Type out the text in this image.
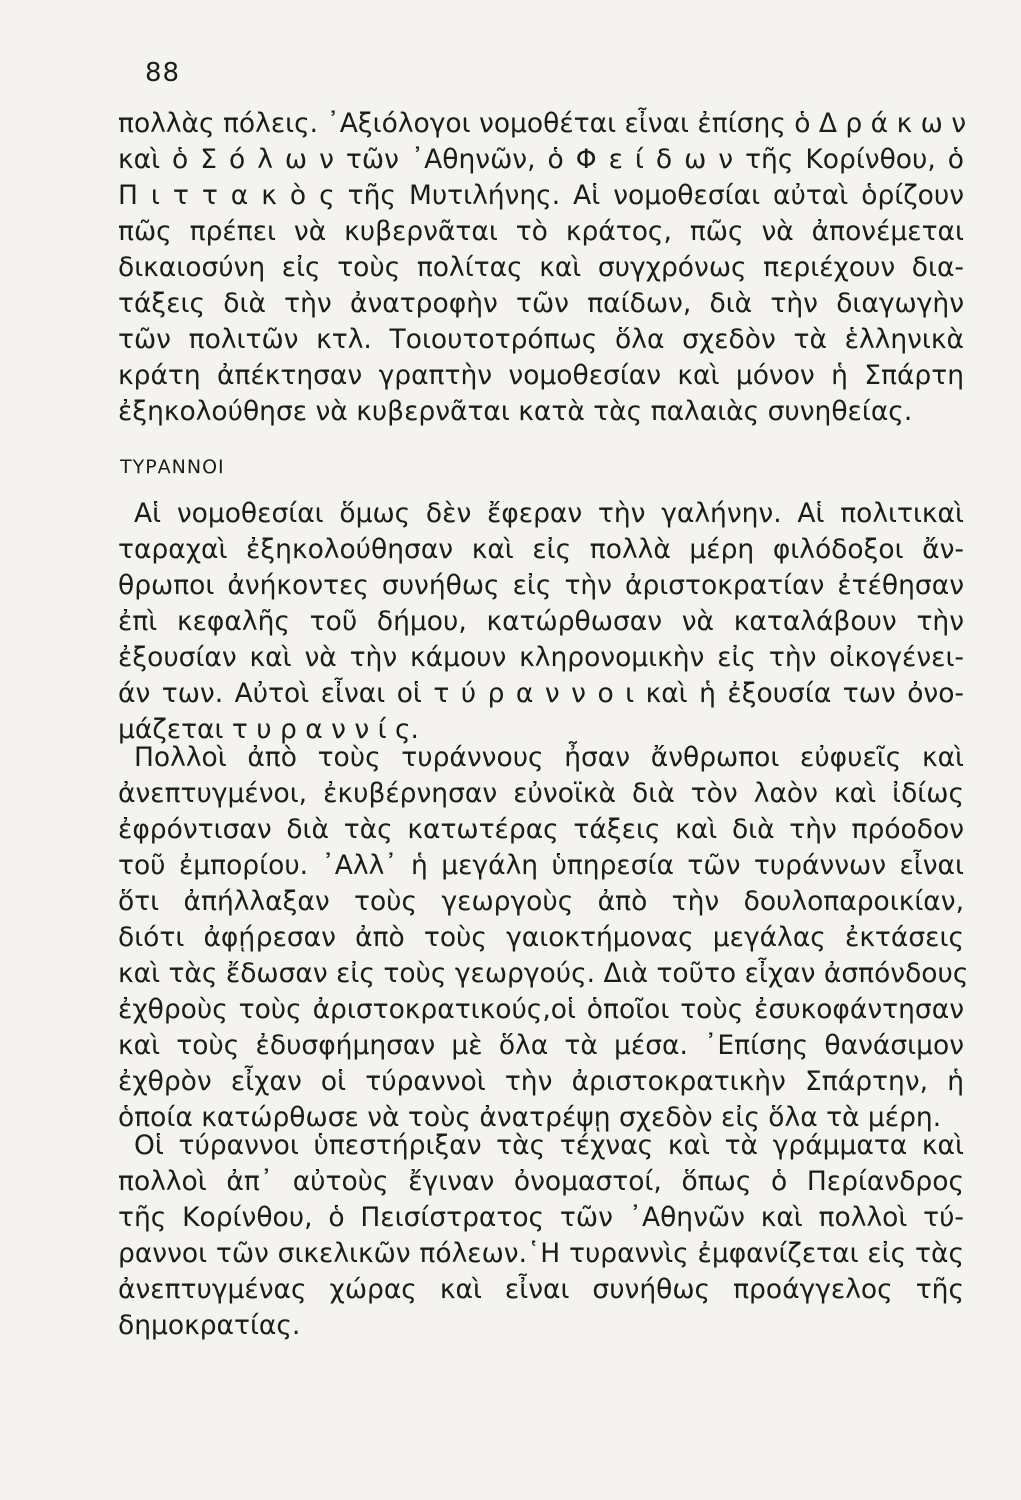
88
πολλὰς πόλεις. ᾿Αξιόλογοι νομοθέται εἶναι ἐπίσης ὁ Δ ρ ά κ ω ν
καὶ ὁ Σ ό λ ω ν τῶν ᾿Αθηνῶν, ὁ Φ ε ί δ ω ν τῆς Κορίνθου, ὁ
Π ι τ τ α κ ὸ ς τῆς Μυτιλήνης. Αἱ νομοθεσίαι αὐταὶ ὁρίζουν
πῶς πρέπει νὰ κυβερνᾶται τὸ κράτος, πῶς νὰ ἀπονέμεται
δικαιοσύνη εἰς τοὺς πολίτας καὶ συγχρόνως περιέχουν δια-
τάξεις διὰ τὴν ἀνατροφὴν τῶν παίδων, διὰ τὴν διαγωγὴν
τῶν πολιτῶν κτλ. Τοιουτοτρόπως ὅλα σχεδὸν τὰ ἑλληνικὰ
κράτη ἀπέκτησαν γραπτὴν νομοθεσίαν καὶ μόνον ἡ Σπάρτη
ἐξηκολούθησε νὰ κυβερνᾶται κατὰ τὰς παλαιὰς συνηθείας.
ΤΥΡΑΝΝΟΙ
Αἱ νομοθεσίαι ὅμως δὲν ἔφεραν τὴν γαλήνην. Αἱ πολιτικαὶ
ταραχαὶ ἐξηκολούθησαν καὶ εἰς πολλὰ μέρη φιλόδοξοι ἄν-
θρωποι ἀνήκοντες συνήθως εἰς τὴν ἀριστοκρατίαν ἐτέθησαν
ἐπὶ κεφαλῆς τοῦ δήμου, κατώρθωσαν νὰ καταλάβουν τὴν
ἐξουσίαν καὶ νὰ τὴν κάμουν κληρονομικὴν εἰς τὴν οἰκογένει-
άν των. Αὐτοὶ εἶναι οἱ τ ύ ρ α ν ν ο ι καὶ ἡ ἐξουσία των ὀνο-
μάζεται τ υ ρ α ν ν ί ς.
Πολλοὶ ἀπὸ τοὺς τυράννους ἦσαν ἄνθρωποι εὐφυεῖς καὶ
ἀνεπτυγμένοι, ἐκυβέρνησαν εὐνοϊκὰ διὰ τὸν λαὸν καὶ ἰδίως
ἐφρόντισαν διὰ τὰς κατωτέρας τάξεις καὶ διὰ τὴν πρόοδον
τοῦ ἐμπορίου. ᾿Αλλ᾿ ἡ μεγάλη ὑπηρεσία τῶν τυράννων εἶναι
ὅτι ἀπήλλαξαν τοὺς γεωργοὺς ἀπὸ τὴν δουλοπαροικίαν,
διότι ἀφῄρεσαν ἀπὸ τοὺς γαιοκτήμονας μεγάλας ἐκτάσεις
καὶ τὰς ἔδωσαν εἰς τοὺς γεωργούς. Διὰ τοῦτο εἶχαν ἀσπόνδους
ἐχθροὺς τοὺς ἀριστοκρατικούς,οἱ ὁποῖοι τοὺς ἐσυκοφάντησαν
καὶ τοὺς ἐδυσφήμησαν μὲ ὅλα τὰ μέσα. ᾿Επίσης θανάσιμον
ἐχθρὸν εἶχαν οἱ τύραννοὶ τὴν ἀριστοκρατικὴν Σπάρτην, ἡ
ὁποία κατώρθωσε νὰ τοὺς ἀνατρέψῃ σχεδὸν εἰς ὅλα τὰ μέρη.
Οἱ τύραννοι ὑπεστήριξαν τὰς τέχνας καὶ τὰ γράμματα καὶ
πολλοὶ ἀπ᾿ αὐτοὺς ἔγιναν ὀνομαστοί, ὅπως ὁ Περίανδρος
τῆς Κορίνθου, ὁ Πεισίστρατος τῶν ᾿Αθηνῶν καὶ πολλοὶ τύ-
ραννοι τῶν σικελικῶν πόλεων.῾Η τυραννὶς ἐμφανίζεται εἰς τὰς
ἀνεπτυγμένας χώρας καὶ εἶναι συνήθως προάγγελος τῆς
δημοκρατίας.
